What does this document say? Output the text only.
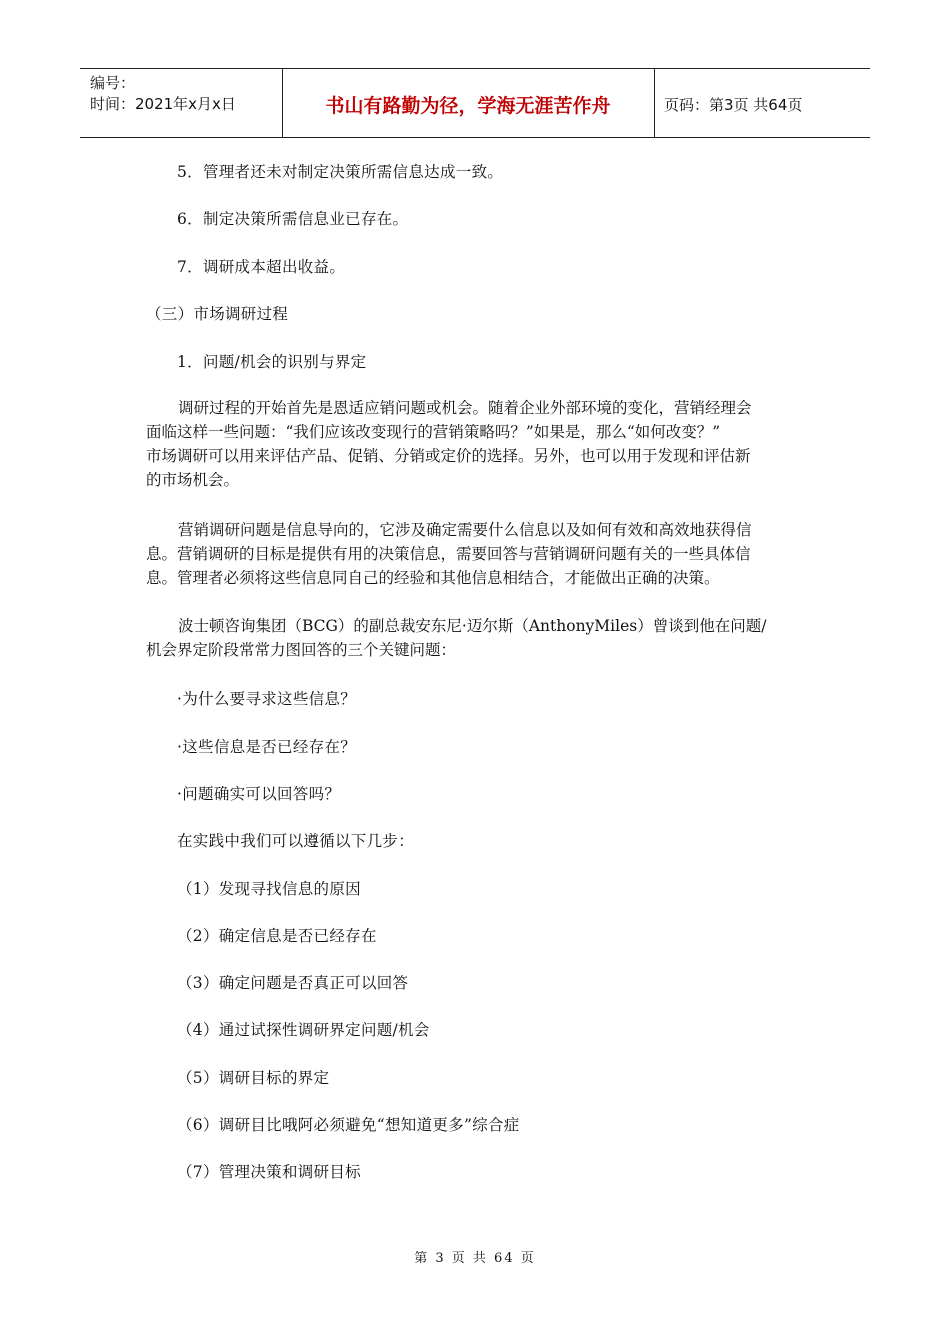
编号：
时间：2021年x月x日	书山有路勤为径，学海无涯苦作舟	页码：第3页 共64页
5．管理者还未对制定决策所需信息达成一致。
6．制定决策所需信息业已存在。
7．调研成本超出收益。
（三）市场调研过程
1．问题/机会的识别与界定
调研过程的开始首先是恩适应销问题或机会。随着企业外部环境的变化，营销经理会
面临这样一些问题：“我们应该改变现行的营销策略吗？”如果是，那么“如何改变？”
市场调研可以用来评估产品、促销、分销或定价的选择。另外，也可以用于发现和评估新
的市场机会。
营销调研问题是信息导向的，它涉及确定需要什么信息以及如何有效和高效地获得信
息。营销调研的目标是提供有用的决策信息，需要回答与营销调研问题有关的一些具体信
息。管理者必须将这些信息同自己的经验和其他信息相结合，才能做出正确的决策。
波士顿咨询集团（BCG）的副总裁安东尼·迈尔斯（AnthonyMiles）曾谈到他在问题/
机会界定阶段常常力图回答的三个关键问题：
·为什么要寻求这些信息？
·这些信息是否已经存在？
·问题确实可以回答吗？
在实践中我们可以遵循以下几步：
（1）发现寻找信息的原因
（2）确定信息是否已经存在
（3）确定问题是否真正可以回答
（4）通过试探性调研界定问题/机会
（5）调研目标的界定
（6）调研目比哦阿必须避免“想知道更多”综合症
（7）管理决策和调研目标
第 3 页 共 64 页
